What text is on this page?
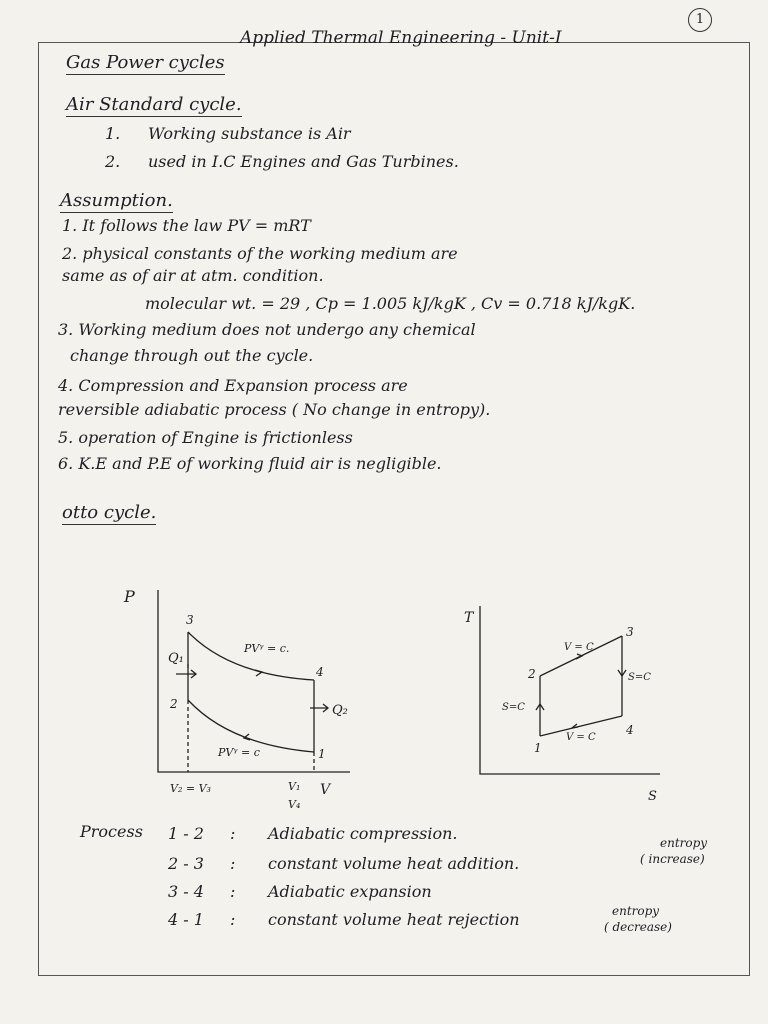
1
Applied Thermal Engineering - Unit-I
Gas Power cycles
Air Standard cycle.
1. Working substance is Air
2. used in I.C Engines and Gas Turbines.
Assumption.
1. It follows the law PV = mRT
2. physical constants of the working medium are
same as of air at atm. condition.
molecular wt. = 29 , Cp = 1.005 kJ/kgK , Cv = 0.718 kJ/kgK.
3. Working medium does not undergo any chemical
change through out the cycle.
4. Compression and Expansion process are
reversible adiabatic process ( No change in entropy).
5. operation of Engine is frictionless
6. K.E and P.E of working fluid air is negligible.
otto cycle.
P
V
3
4
2
1
Q₁
Q₂
PVᵞ = c.
PVᵞ = c
V₂ = V₃	V₁
V₄
T
S
3
2
4
1
V = C
V = C
S=C
S=C
Process 1 - 2 : Adiabatic compression.
2 - 3 : constant volume heat addition.
entropy
( increase)
3 - 4 : Adiabatic expansion
4 - 1 : constant volume heat rejection	entropy
( decrease)
